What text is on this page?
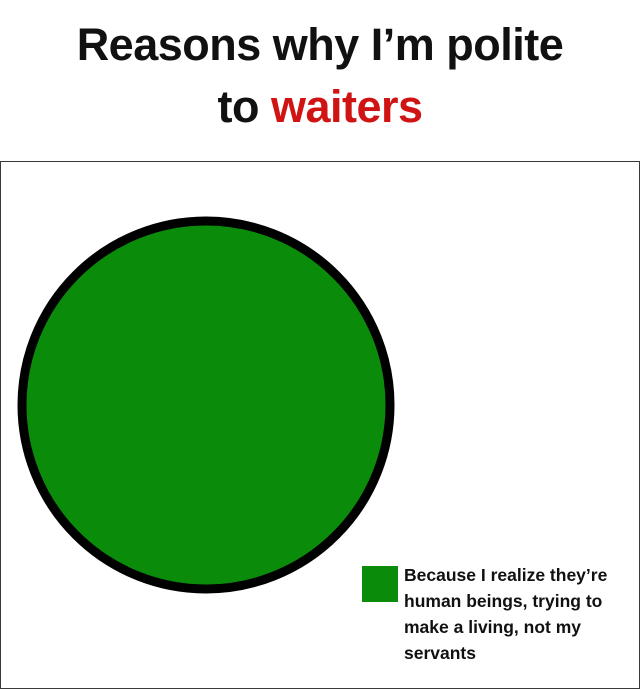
Reasons why I’m polite
to waiters
Because I realize they’re human beings, trying to make a living, not my servants
